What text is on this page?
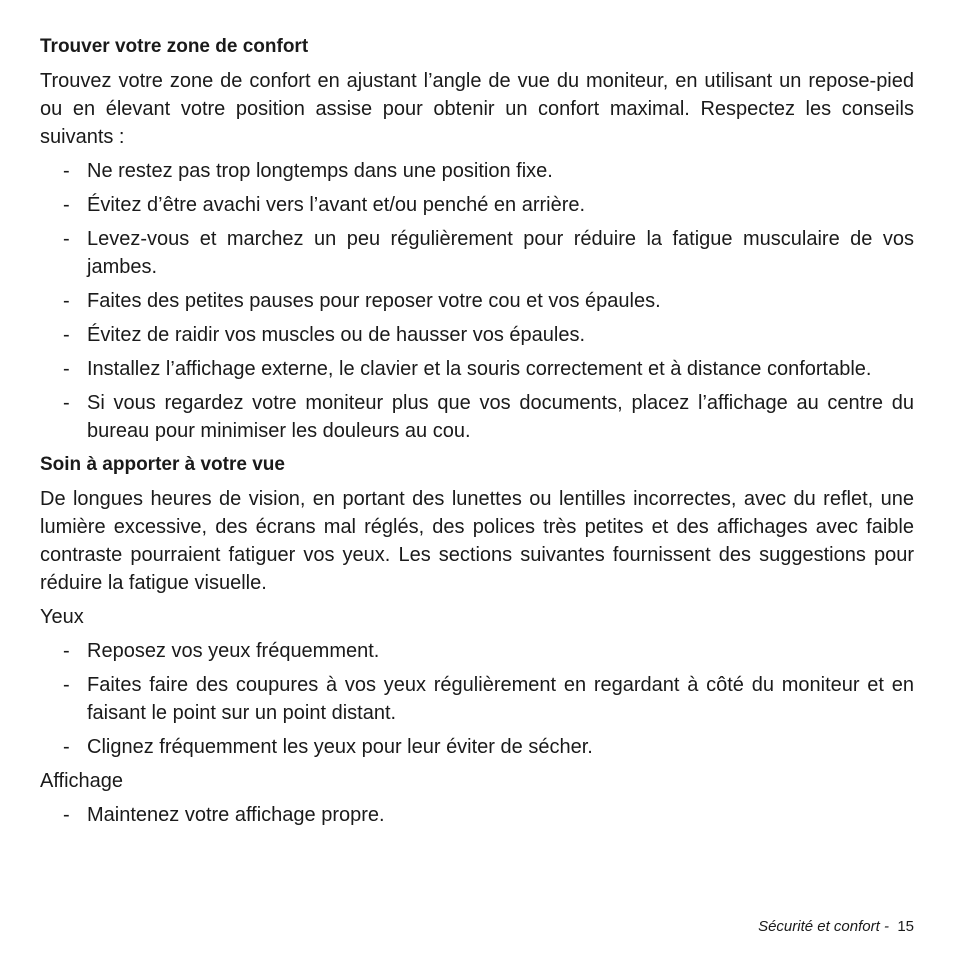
Trouver votre zone de confort

Trouvez votre zone de confort en ajustant l’angle de vue du moniteur, en utilisant un repose-pied ou en élevant votre position assise pour obtenir un confort maximal. Respectez les conseils suivants :

- Ne restez pas trop longtemps dans une position fixe.
- Évitez d’être avachi vers l’avant et/ou penché en arrière.
- Levez-vous et marchez un peu régulièrement pour réduire la fatigue musculaire de vos jambes.
- Faites des petites pauses pour reposer votre cou et vos épaules.
- Évitez de raidir vos muscles ou de hausser vos épaules.
- Installez l’affichage externe, le clavier et la souris correctement et à distance confortable.
- Si vous regardez votre moniteur plus que vos documents, placez l’affichage au centre du bureau pour minimiser les douleurs au cou.
Soin à apporter à votre vue

De longues heures de vision, en portant des lunettes ou lentilles incorrectes, avec du reflet, une lumière excessive, des écrans mal réglés, des polices très petites et des affichages avec faible contraste pourraient fatiguer vos yeux. Les sections suivantes fournissent des suggestions pour réduire la fatigue visuelle.

Yeux
- Reposez vos yeux fréquemment.
- Faites faire des coupures à vos yeux régulièrement en regardant à côté du moniteur et en faisant le point sur un point distant.
- Clignez fréquemment les yeux pour leur éviter de sécher.
Affichage
- Maintenez votre affichage propre.
Sécurité et confort - 15
